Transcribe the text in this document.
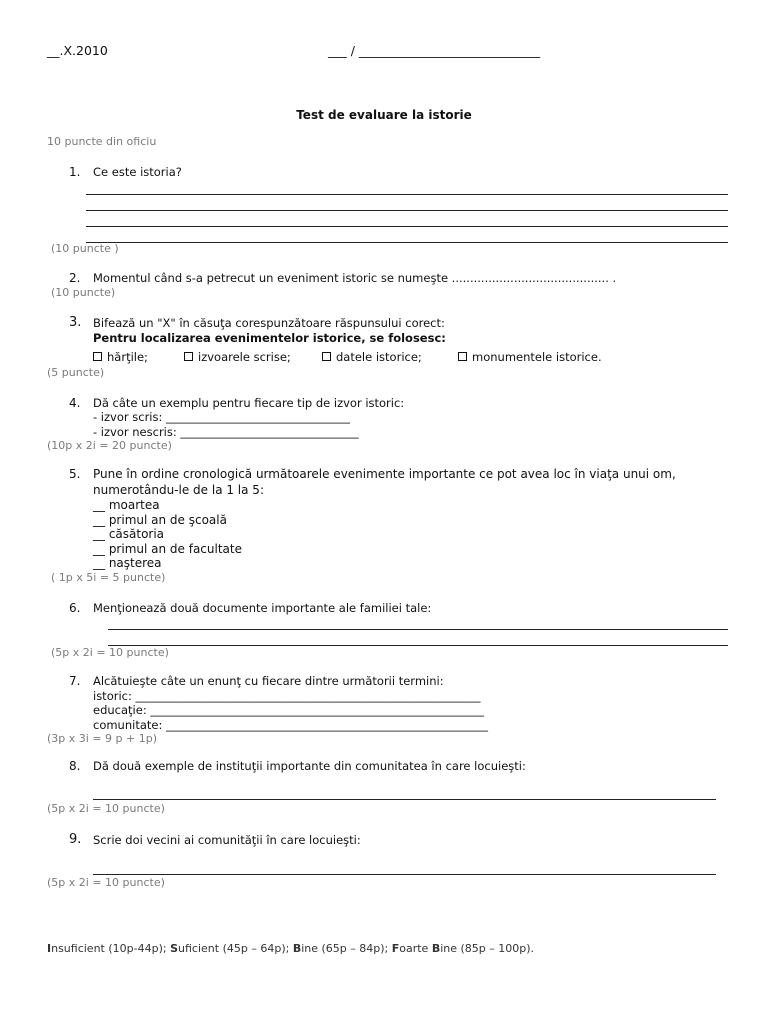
__.X.2010	___ / _____________________________
Test de evaluare la istorie
10 puncte din oficiu
1. Ce este istoria?
(10 puncte )
2. Momentul când s-a petrecut un eveniment istoric se numeşte ........................................... .
(10 puncte)
3. Bifează un "X" în căsuţa corespunzătoare răspunsului corect:
Pentru localizarea evenimentelor istorice, se folosesc:
hărţile;	izvoarele scrise;	datele istorice;	monumentele istorice.
(5 puncte)
4. Dă câte un exemplu pentru fiecare tip de izvor istoric:
- izvor scris: ________________________________
- izvor nescris: _______________________________
(10p x 2i = 20 puncte)
5. Pune în ordine cronologică următoarele evenimente importante ce pot avea loc în viaţa unui om,
numerotându-le de la 1 la 5:
__ moartea
__ primul an de şcoală
__ căsătoria
__ primul an de facultate
__ naşterea
( 1p x 5i = 5 puncte)
6. Menţionează două documente importante ale familiei tale:
(5p x 2i = 10 puncte)
7. Alcătuieşte câte un enunţ cu fiecare dintre următorii termini:
istoric: ____________________________________________________________
educaţie: __________________________________________________________
comunitate: ________________________________________________________
(3p x 3i = 9 p + 1p)
8. Dă două exemple de instituţii importante din comunitatea în care locuieşti:
(5p x 2i = 10 puncte)
9. Scrie doi vecini ai comunităţii în care locuieşti:
(5p x 2i = 10 puncte)
Insuficient (10p-44p); Suficient (45p – 64p); Bine (65p – 84p); Foarte Bine (85p – 100p).
